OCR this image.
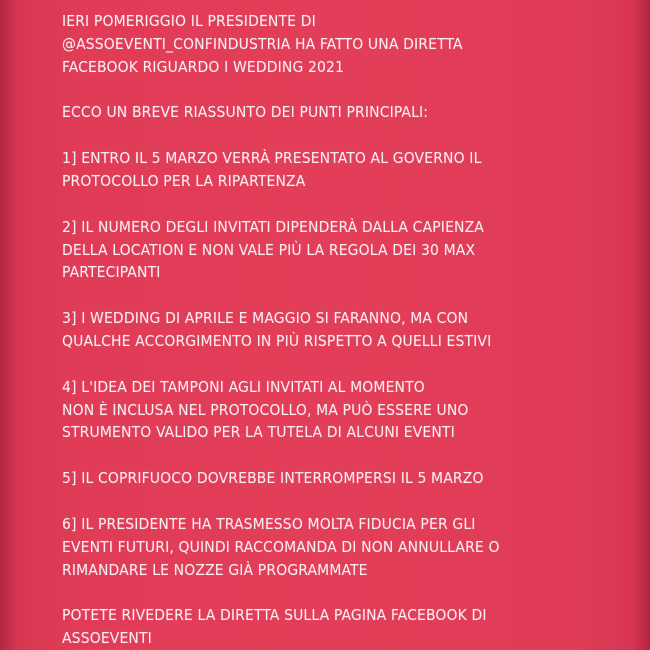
IERI POMERIGGIO IL PRESIDENTE DI
@ASSOEVENTI_CONFINDUSTRIA HA FATTO UNA DIRETTA
FACEBOOK RIGUARDO I WEDDING 2021

ECCO UN BREVE RIASSUNTO DEI PUNTI PRINCIPALI:

1] ENTRO IL 5 MARZO VERRÀ PRESENTATO AL GOVERNO IL
PROTOCOLLO PER LA RIPARTENZA

2] IL NUMERO DEGLI INVITATI DIPENDERÀ DALLA CAPIENZA
DELLA LOCATION E NON VALE PIÙ LA REGOLA DEI 30 MAX
PARTECIPANTI

3] I WEDDING DI APRILE E MAGGIO SI FARANNO, MA CON
QUALCHE ACCORGIMENTO IN PIÙ RISPETTO A QUELLI ESTIVI

4] L'IDEA DEI TAMPONI AGLI INVITATI AL MOMENTO
NON È INCLUSA NEL PROTOCOLLO, MA PUÒ ESSERE UNO
STRUMENTO VALIDO PER LA TUTELA DI ALCUNI EVENTI

5] IL COPRIFUOCO DOVREBBE INTERROMPERSI IL 5 MARZO

6] IL PRESIDENTE HA TRASMESSO MOLTA FIDUCIA PER GLI
EVENTI FUTURI, QUINDI RACCOMANDA DI NON ANNULLARE O
RIMANDARE LE NOZZE GIÀ PROGRAMMATE

POTETE RIVEDERE LA DIRETTA SULLA PAGINA FACEBOOK DI
ASSOEVENTI
